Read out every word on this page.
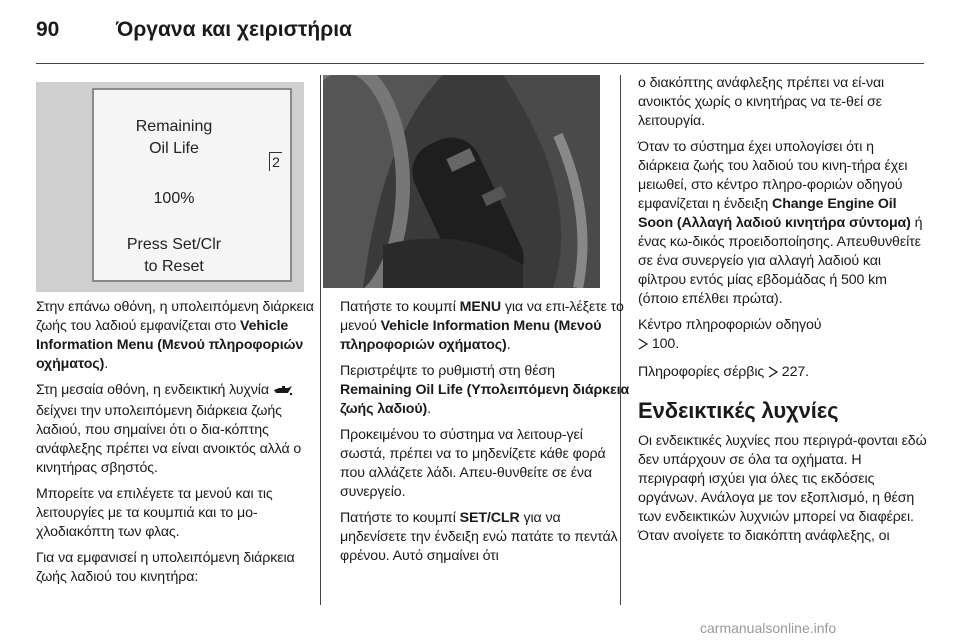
90	Όργανα και χειριστήρια
Remaining
Oil Life
100%
Press Set/Clr
to Reset
2

Στην επάνω οθόνη, η υπολειπόμενη διάρκεια ζωής του λαδιού εμφανίζεται στο Vehicle Information Menu (Μενού πληροφοριών οχήματος).

Στη μεσαία οθόνη, η ενδεικτική λυχνία  δείχνει την υπολειπόμενη διάρκεια ζωής λαδιού, που σημαίνει ότι ο δια-κόπτης ανάφλεξης πρέπει να είναι ανοικτός αλλά ο κινητήρας σβηστός.

Μπορείτε να επιλέγετε τα μενού και τις λειτουργίες με τα κουμπιά και το μο-χλοδιακόπτη των φλας.

Για να εμφανισεί η υπολειπόμενη διάρκεια ζωής λαδιού του κινητήρα:

Πατήστε το κουμπί MENU για να επι-λέξετε το μενού Vehicle Information Menu (Μενού πληροφοριών οχήματος).

Περιστρέψτε το ρυθμιστή στη θέση Remaining Oil Life (Υπολειπόμενη διάρκεια ζωής λαδιού).

Προκειμένου το σύστημα να λειτουρ-γεί σωστά, πρέπει να το μηδενίζετε κάθε φορά που αλλάζετε λάδι. Απευ-θυνθείτε σε ένα συνεργείο.

Πατήστε το κουμπί SET/CLR για να μηδενίσετε την ένδειξη ενώ πατάτε το πεντάλ φρένου. Αυτό σημαίνει ότι

ο διακόπτης ανάφλεξης πρέπει να εί-ναι ανοικτός χωρίς ο κινητήρας να τε-θεί σε λειτουργία.

Όταν το σύστημα έχει υπολογίσει ότι η διάρκεια ζωής του λαδιού του κινη-τήρα έχει μειωθεί, στο κέντρο πληρο-φοριών οδηγού εμφανίζεται η ένδειξη Change Engine Oil Soon (Αλλαγή λαδιού κινητήρα σύντομα) ή ένας κω-δικός προειδοποίησης. Απευθυνθείτε σε ένα συνεργείο για αλλαγή λαδιού και φίλτρου εντός μίας εβδομάδας ή 500 km (όποιο επέλθει πρώτα).

Κέντρο πληροφοριών οδηγού
100.

Πληροφορίες σέρβις  227.

Ενδεικτικές λυχνίες

Οι ενδεικτικές λυχνίες που περιγρά-φονται εδώ δεν υπάρχουν σε όλα τα οχήματα. Η περιγραφή ισχύει για όλες τις εκδόσεις οργάνων. Ανάλογα με τον εξοπλισμό, η θέση των ενδεικτικών λυχνιών μπορεί να διαφέρει. Όταν ανοίγετε το διακόπτη ανάφλεξης, οι

carmanualsonline.info
